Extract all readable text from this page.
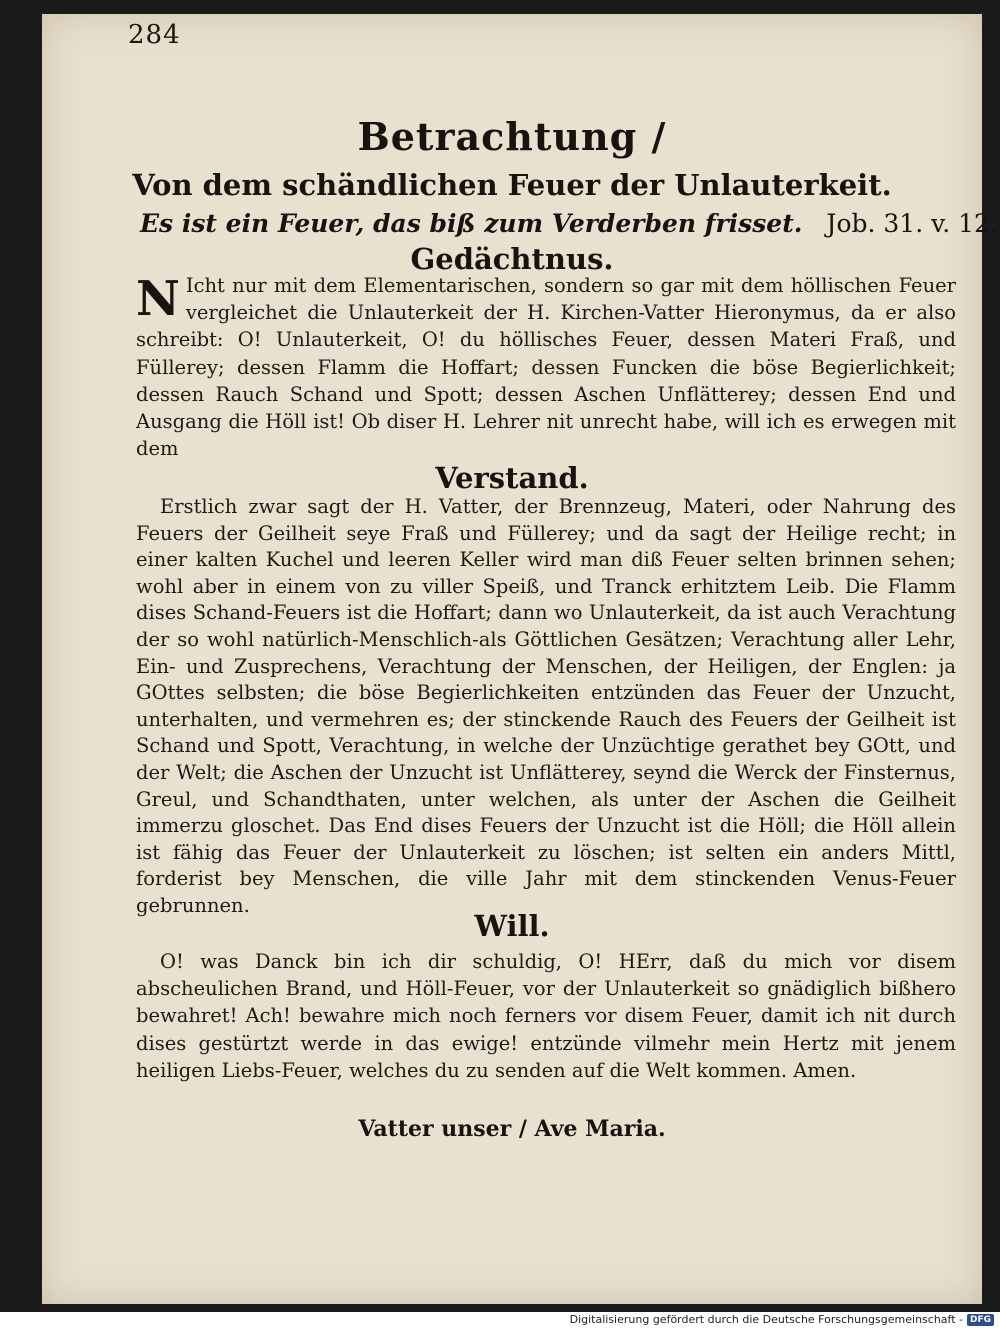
284
Betrachtung /
Von dem schändlichen Feuer der Unlauterkeit.
Es ist ein Feuer, das biß zum Verderben frisset. Job. 31. v. 12.
Gedächtnus.
N Icht nur mit dem Elementarischen, sondern so gar mit dem höllischen Feuer vergleichet die Unlauterkeit der H. Kirchen-Vatter Hieronymus, da er also schreibt: O! Unlauterkeit, O! du höllisches Feuer, dessen Materi Fraß, und Füllerey; dessen Flamm die Hoffart; dessen Funcken die böse Begierlichkeit; dessen Rauch Schand und Spott; dessen Aschen Unflätterey; dessen End und Ausgang die Höll ist! Ob diser H. Lehrer nit unrecht habe, will ich es erwegen mit dem
Verstand.
Erstlich zwar sagt der H. Vatter, der Brennzeug, Materi, oder Nahrung des Feuers der Geilheit seye Fraß und Füllerey; und da sagt der Heilige recht; in einer kalten Kuchel und leeren Keller wird man diß Feuer selten brinnen sehen; wohl aber in einem von zu viller Speiß, und Tranck erhitztem Leib. Die Flamm dises Schand-Feuers ist die Hoffart; dann wo Unlauterkeit, da ist auch Verachtung der so wohl natürlich-Menschlich-als Göttlichen Gesätzen; Verachtung aller Lehr, Ein- und Zusprechens, Verachtung der Menschen, der Heiligen, der Englen: ja GOttes selbsten; die böse Begierlichkeiten entzünden das Feuer der Unzucht, unterhalten, und vermehren es; der stinckende Rauch des Feuers der Geilheit ist Schand und Spott, Verachtung, in welche der Unzüchtige gerathet bey GOtt, und der Welt; die Aschen der Unzucht ist Unflätterey, seynd die Werck der Finsternus, Greul, und Schandthaten, unter welchen, als unter der Aschen die Geilheit immerzu gloschet. Das End dises Feuers der Unzucht ist die Höll; die Höll allein ist fähig das Feuer der Unlauterkeit zu löschen; ist selten ein anders Mittl, forderist bey Menschen, die ville Jahr mit dem stinckenden Venus-Feuer gebrunnen.
Will.
O! was Danck bin ich dir schuldig, O! HErr, daß du mich vor disem abscheulichen Brand, und Höll-Feuer, vor der Unlauterkeit so gnädiglich bißhero bewahret! Ach! bewahre mich noch ferners vor disem Feuer, damit ich nit durch dises gestürtzt werde in das ewige! entzünde vilmehr mein Hertz mit jenem heiligen Liebs-Feuer, welches du zu senden auf die Welt kommen. Amen.
Vatter unser / Ave Maria.
Digitalisierung gefördert durch die Deutsche Forschungsgemeinschaft - DFG
